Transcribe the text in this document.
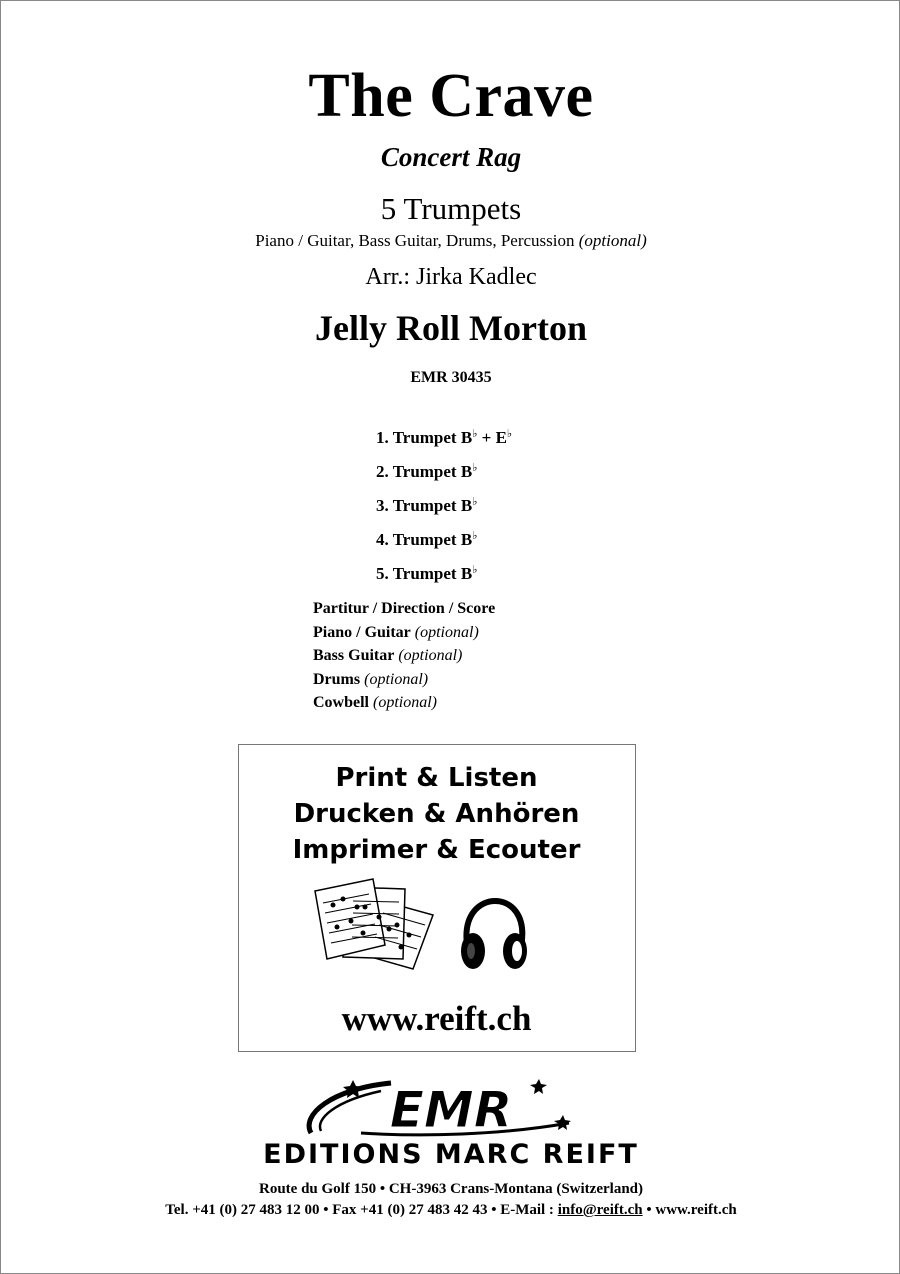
The Crave
Concert Rag
5 Trumpets
Piano / Guitar, Bass Guitar, Drums, Percussion (optional)
Arr.: Jirka Kadlec
Jelly Roll Morton
EMR 30435
1. Trumpet B♭ + E♭
2. Trumpet B♭
3. Trumpet B♭
4. Trumpet B♭
5. Trumpet B♭
Partitur / Direction / Score
Piano / Guitar (optional)
Bass Guitar (optional)
Drums (optional)
Cowbell (optional)
Print & Listen
Drucken & Anhören
Imprimer & Ecouter
www.reift.ch
EMR
EDITIONS MARC REIFT
Route du Golf 150 • CH-3963 Crans-Montana (Switzerland)
Tel. +41 (0) 27 483 12 00 • Fax +41 (0) 27 483 42 43 • E-Mail : info@reift.ch • www.reift.ch
